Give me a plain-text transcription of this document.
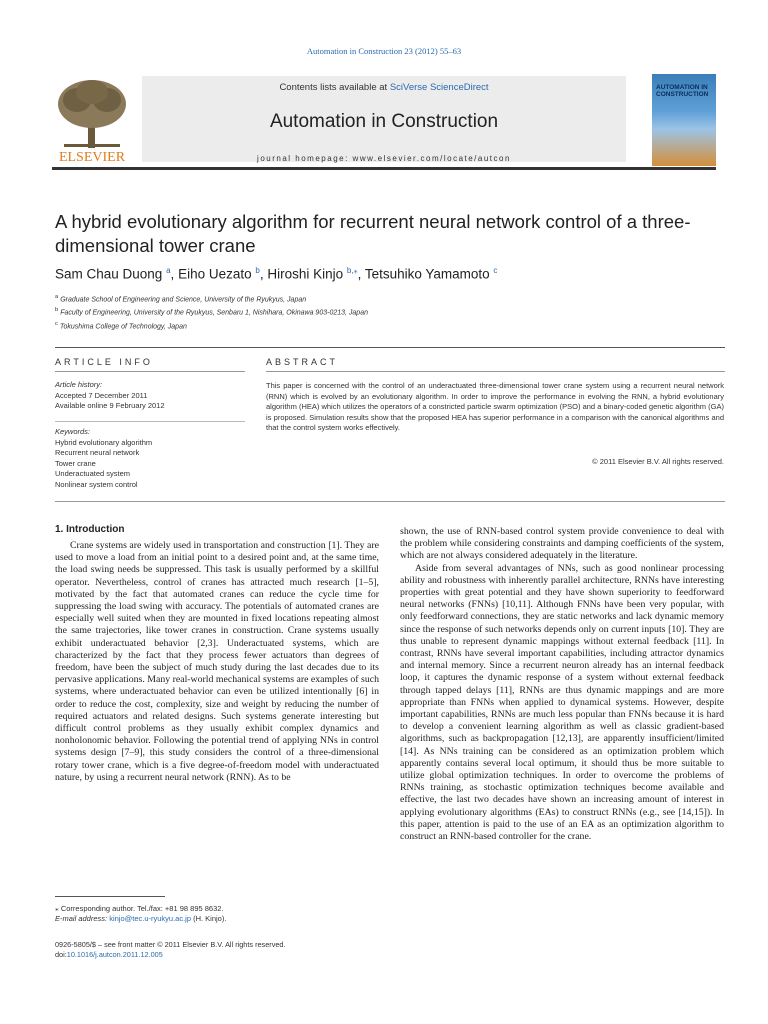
Automation in Construction 23 (2012) 55–63
ELSEVIER
Contents lists available at SciVerse ScienceDirect
Automation in Construction
journal homepage: www.elsevier.com/locate/autcon
AUTOMATION IN CONSTRUCTION
A hybrid evolutionary algorithm for recurrent neural network control of a three-dimensional tower crane
Sam Chau Duong $^a$, Eiho Uezato $^b$, Hiroshi Kinjo $^{b,⁎}$, Tetsuhiko Yamamoto $^c$
$^a$ Graduate School of Engineering and Science, University of the Ryukyus, Japan
$^b$ Faculty of Engineering, University of the Ryukyus, Senbaru 1, Nishihara, Okinawa 903-0213, Japan
$^c$ Tokushima College of Technology, Japan
ARTICLE INFO	ABSTRACT
Article history:
Accepted 7 December 2011
Available online 9 February 2012
Keywords:
Hybrid evolutionary algorithm
Recurrent neural network
Tower crane
Underactuated system
Nonlinear system control
This paper is concerned with the control of an underactuated three-dimensional tower crane system using a recurrent neural network (RNN) which is evolved by an evolutionary algorithm. In order to improve the performance in evolving the RNN, a hybrid evolutionary algorithm (HEA) which utilizes the operators of a constricted particle swarm optimization (PSO) and a binary-coded genetic algorithm (GA) is proposed. Simulation results show that the proposed HEA has superior performance in a comparison with the canonical algorithms and that the control system works effectively.
© 2011 Elsevier B.V. All rights reserved.
1. Introduction

Crane systems are widely used in transportation and construction [1]. They are used to move a load from an initial point to a desired point and, at the same time, the load swing needs be suppressed. This task is usually performed by a skillful operator. Nevertheless, control of cranes has attracted much research [1–5], motivated by the fact that automated cranes can reduce the cycle time for suppressing the load swing with accuracy. The potentials of automated cranes are especially well suited when they are mounted in fixed locations repeating almost the same trajectories, like tower cranes in construction. Crane systems usually exhibit underactuated behavior [2,3]. Underactuated systems, which are characterized by the fact that they process fewer actuators than degrees of freedom, have been the subject of much study during the last decades due to its pervasive applications. Many real-world mechanical systems are examples of such systems, where underactuated behavior can even be utilized intentionally [6] in order to reduce the cost, complexity, size and weight by reducing the number of required actuators and related designs. Such systems generate interesting but difficult control problems as they usually exhibit complex dynamics and nonholonomic behavior. Following the potential trend of applying NNs in control systems design [7–9], this study considers the control of a three-dimensional rotary tower crane, which is a five degree-of-freedom model with underactuated nature, by using a recurrent neural network (RNN). As to be

shown, the use of RNN-based control system provide convenience to deal with the problem while considering constraints and damping coefficients of the system, which are not always considered adequately in the literature.

Aside from several advantages of NNs, such as good nonlinear processing ability and robustness with inherently parallel architecture, RNNs have interesting properties with great potential and they have shown superiority to feedforward neural networks (FNNs) [10,11]. Although FNNs have been very popular, with only feedforward connections, they are static networks and lack dynamic memory since the response of such networks depends only on current inputs [10]. They are thus unable to represent dynamic mappings without external feedback [11]. In contrast, RNNs have several important capabilities, including attractor dynamics and internal memory. Since a recurrent neuron already has an internal feedback loop, it captures the dynamic response of a system without external feedback through tapped delays [11], RNNs are thus dynamic mappings and are more appropriate than FNNs when applied to dynamical systems. However, despite important capabilities, RNNs are much less popular than FNNs because it is hard to develop a convenient learning algorithm as well as classic gradient-based algorithms, such as backpropagation [12,13], are apparently insufficient/limited [14]. As NNs training can be considered as an optimization problem which apparently contains several local optimum, it should thus be more suitable to utilize global optimization techniques. In order to overcome the problems of RNNs training, as stochastic optimization techniques become available and effective, the last two decades have shown an increasing amount of interest in applying evolutionary algorithms (EAs) to construct RNNs (e.g., see [14,15]). In this paper, attention is paid to the use of an EA as an optimization algorithm to construct an RNN-based controller for the crane.

⁎ Corresponding author. Tel./fax: +81 98 895 8632.
E-mail address: kinjo@tec.u-ryukyu.ac.jp (H. Kinjo).
0926-5805/$ – see front matter © 2011 Elsevier B.V. All rights reserved.
doi:10.1016/j.autcon.2011.12.005
